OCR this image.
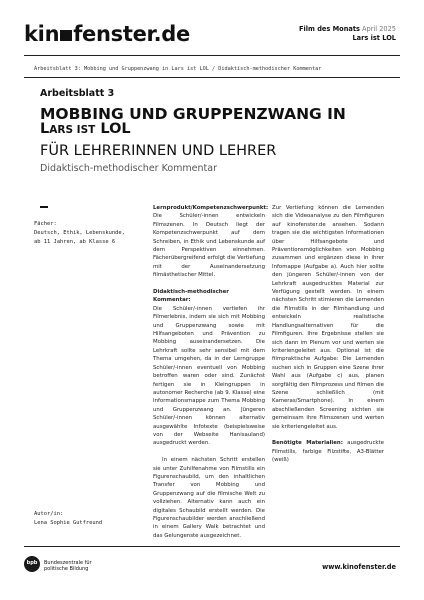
kin fenster.de	Film des Monats April 2025
Lars ist LOL
Arbeitsblatt 3: Mobbing und Gruppenzwang in Lars ist LOL / Didaktisch-methodischer Kommentar
Arbeitsblatt 3
MOBBING UND GRUPPENZWANG IN
LARS IST LOL
FÜR LEHRERINNEN UND LEHRER
Didaktisch-methodischer Kommentar
Fächer:
Deutsch, Ethik, Lebenskunde,
ab 11 Jahren, ab Klasse 6
Autor/in:
Lena Sophie Gutfreund

Lernprodukt/Kompetenzschwerpunkt:
Die Schüler/-innen entwickeln Filmszenen. In Deutsch liegt der Kompetenzschwerpunkt auf dem Schreiben, in Ethik und Lebenskunde auf dem Perspektiven einnehmen. Fächerübergreifend erfolgt die Vertiefung mit der Auseinandersetzung filmästhetischer Mittel.

Didaktisch-methodischer Kommentar:
Die Schüler/-innen vertiefen ihr Filmerlebnis, indem sie sich mit Mobbing und Gruppenzwang sowie mit Hilfsangeboten und Prävention zu Mobbing auseinandersetzen. Die Lehrkraft sollte sehr sensibel mit dem Thema umgehen, da in der Lerngruppe Schüler/-innen eventuell von Mobbing betroffen waren oder sind. Zunächst fertigen sie in Kleingruppen in autonomer Recherche (ab 9. Klasse) eine Informationsmappe zum Thema Mobbing und Gruppenzwang an. Jüngeren Schüler/-innen können alternativ ausgewählte Infotexte (beispielsweise von der Webseite Hanisauland) ausgedruckt werden.

In einem nächsten Schritt erstellen sie unter Zuhilfenahme von Filmstills ein Figurenschaubild, um den inhaltlichen Transfer von Mobbing und Gruppenzwang auf die filmische Welt zu vollziehen. Alternativ kann auch ein digitales Schaubild erstellt werden. Die Figurenschaubilder werden anschließend in einem Gallery Walk betrachtet und das Gelungenste ausgezeichnet.

Zur Vertiefung können die Lernenden sich die Videoanalyse zu den Filmfiguren auf kinofenster.de ansehen. Sodann tragen sie die wichtigsten Informationen über Hilfsangebote und Präventionsmöglichkeiten von Mobbing zusammen und ergänzen diese in ihrer Infomappe (Aufgabe a). Auch hier sollte den jüngeren Schüler/-innen von der Lehrkraft ausgedrucktes Material zur Verfügung gestellt werden. In einem nächsten Schritt stimieren die Lernenden die Filmstills in der Filmhandlung und entwickeln realistische Handlungsalternativen für die Filmfiguren. Ihre Ergebnisse stellen sie sich dann im Plenum vor und werten sie kriteriengeleitet aus. Optional ist die filmpraktische Aufgabe: Die Lernenden suchen sich in Gruppen eine Szene ihrer Wahl aus (Aufgabe c) aus, planen sorgfältig den Filmprozess und filmen die Szene schließlich (mit Kameras/Smartphone). In einem abschließenden Screening sichten sie gemeinsam ihre Filmszenen und werten sie kriteriengeleitet aus.

Benötigte Materialien: ausgedruckte Filmstills, farbige Filzstifte, A3-Blätter (weiß)

bpb	Bundeszentrale für
politische Bildung	www.kinofenster.de
